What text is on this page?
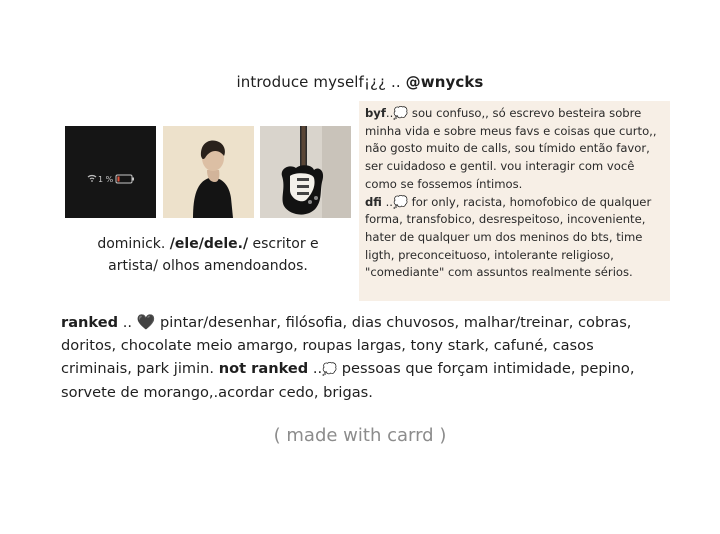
introduce myself¡¿¿ .. @wnycks
1 %
dominick. /ele/dele./ escritor e artista/ olhos amendoandos.
byf..💭 sou confuso,, só escrevo besteira sobre minha vida e sobre meus favs e coisas que curto,, não gosto muito de calls, sou tímido então favor, ser cuidadoso e gentil. vou interagir com você como se fossemos íntimos.
dfi ..💭 for only, racista, homofobico de qualquer forma, transfobico, desrespeitoso, incoveniente, hater de qualquer um dos meninos do bts, time ligth, preconceituoso, intolerante religioso, "comediante" com assuntos realmente sérios.
ranked .. 🖤 pintar/desenhar, filósofia, dias chuvosos, malhar/treinar, cobras, doritos, chocolate meio amargo, roupas largas, tony stark, cafuné, casos criminais, park jimin. not ranked ..💭 pessoas que forçam intimidade, pepino, sorvete de morango,.acordar cedo, brigas.
( made with carrd )
